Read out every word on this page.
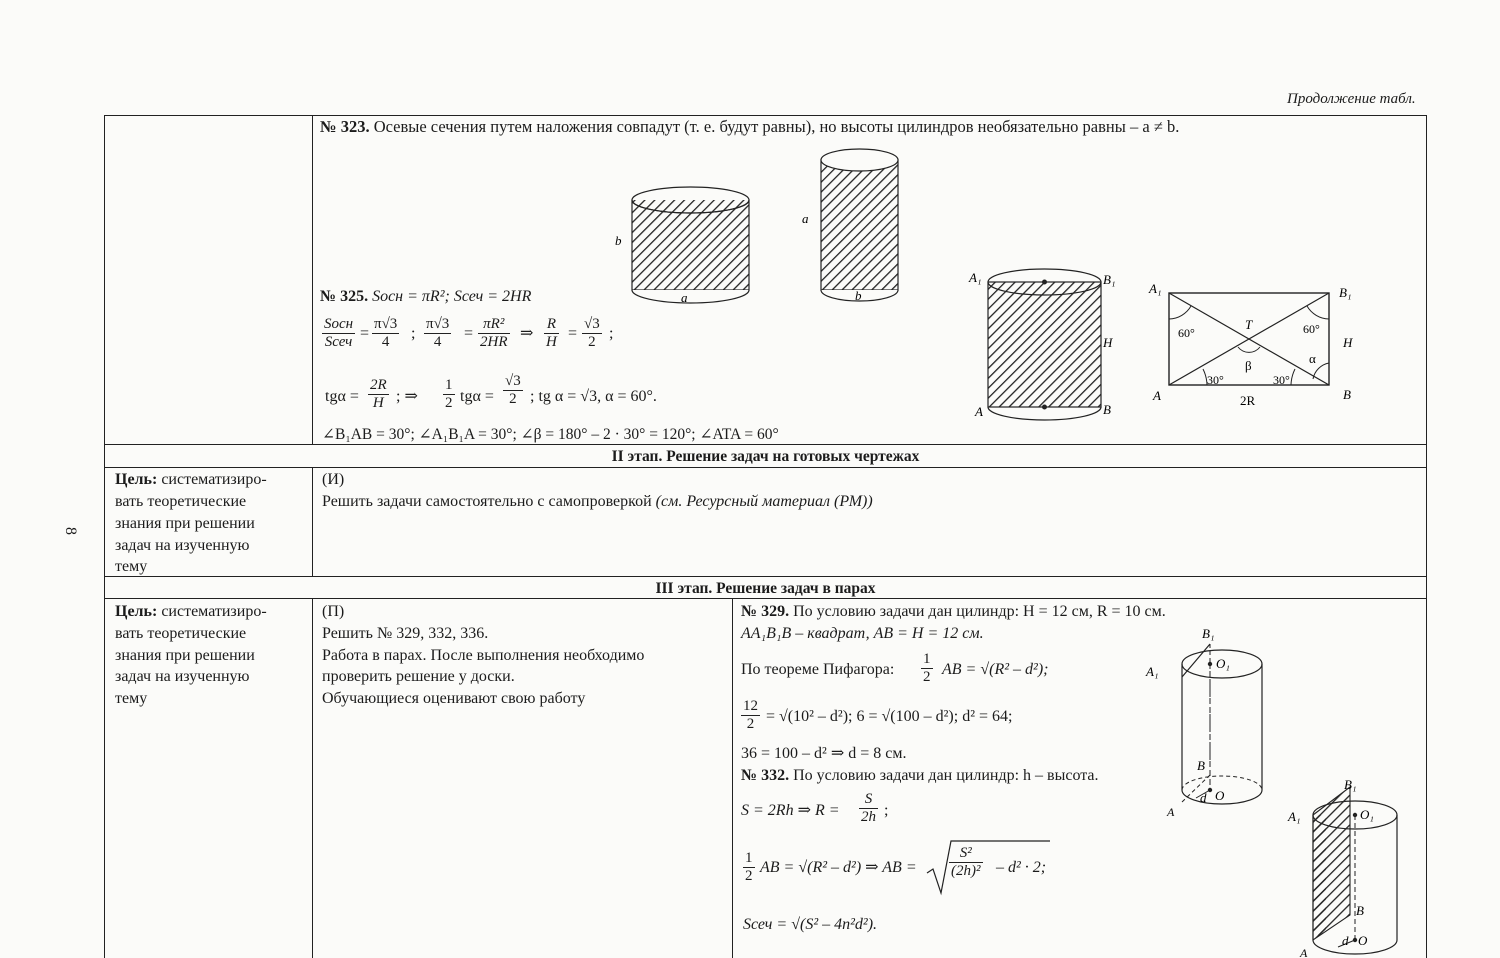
Продолжение табл.
8
№ 323. Осевые сечения путем наложения совпадут (т. е. будут равны), но высоты цилиндров необязательно равны – a ≠ b.
b
a
a
b
A₁	B₁
H
A	B
A₁	B₁
H
A	B
T
60°	60°
30°	30°
β	α
2R
№ 325. Sосн = πR²; Sсеч = 2HR
Sосн
Sсеч = $\frac{\pi√3}{4}$ ; $\frac{\pi√3}{4} = \frac{\text{πR²}}{2HR}$ ⇒ $\frac{R}{H} = \frac{√3}{2}$ ;
$tg\alpha = \frac{2R}{H}$ ; ⇒ $\frac{1}{2}$ $tg\alpha = \frac{√3}{2}$ ; tg α = √3, α = 60°.
∠B₁AB = 30°; ∠A₁B₁A = 30°; ∠β = 180° – 2 · 30° = 120°; ∠ATA = 60°
II этап. Решение задач на готовых чертежах
Цель: систематизиро-
вать теоретические
знания при решении
задач на изученную
тему
(И)
Решить задачи самостоятельно с самопроверкой (см. Ресурсный материал (РМ))
III этап. Решение задач в парах
Цель: систематизиро-
вать теоретические
знания при решении
задач на изученную
тему
(П)
Решить № 329, 332, 336.
Работа в парах. После выполнения необходимо
проверить решение у доски.
Обучающиеся оценивают свою работу
№ 329. По условию задачи дан цилиндр: H = 12 см, R = 10 см.
AA₁B₁B – квадрат, AB = H = 12 см.
По теореме Пифагора: $\frac{1}{2}$ AB = √(R² – d²);
$\frac{12}{2} = √(10^2 - d^2)$; 6 = √(100 – d²); d² = 64;
36 = 100 – d² ⇒ d = 8 см.
№ 332. По условию задачи дан цилиндр: h – высота.
S = 2Rh ⇒ $R = \frac{S}{2h}$ ;
$\frac{1}{2}$ AB = √(R² – d²) ⇒ AB = $\frac{\text{S²}}{\text{(2h)²}} - d^2 \cdot 2$;
Sсеч = √(S² – 4n²d²).
B₁
A₁
O₁
B
A
d O
B₁
A₁	O₁
B
A
d O
